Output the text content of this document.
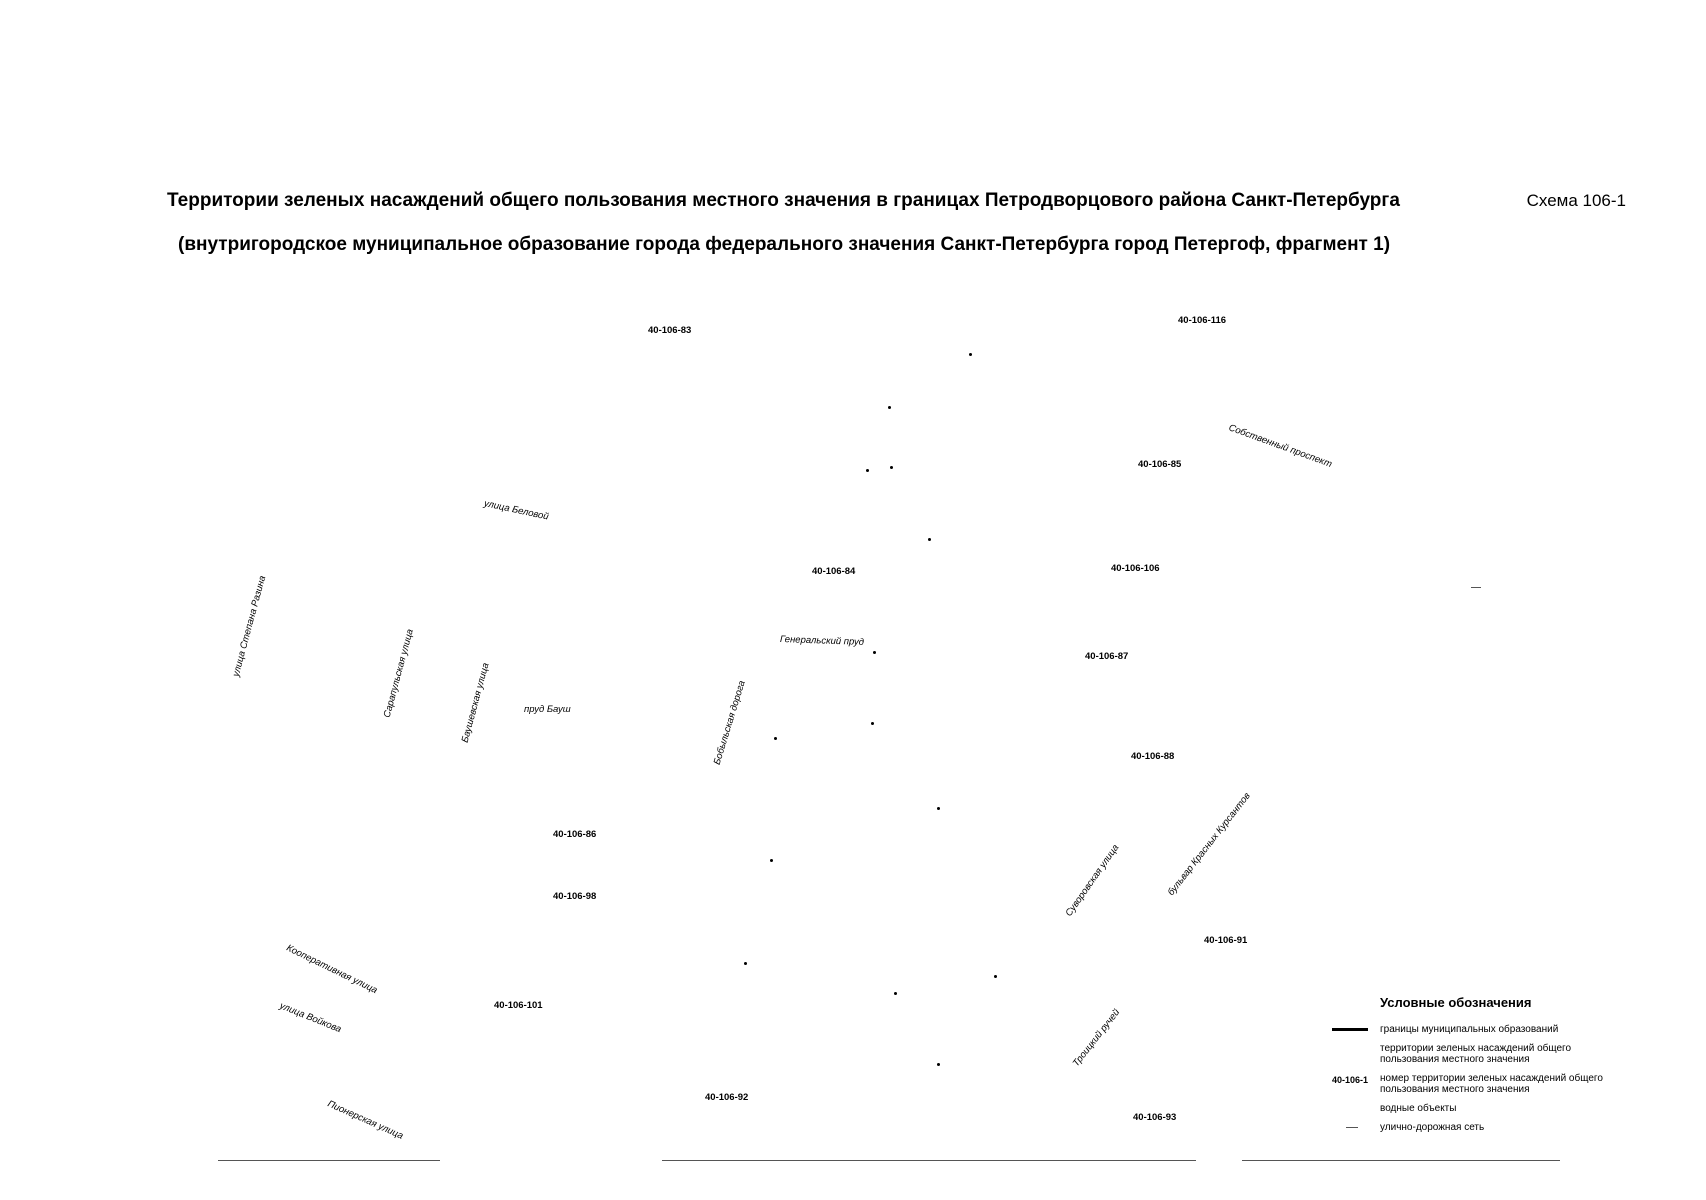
Территории зеленых насаждений общего пользования местного значения в границах Петродворцового района Санкт-Петербурга	Схема 106-1
(внутригородское муниципальное образование города федерального значения Санкт-Петербурга город Петергоф, фрагмент 1)
40-106-83
40-106-116
40-106-85
40-106-84	40-106-106
40-106-87
40-106-88
40-106-86
40-106-98
40-106-91
40-106-101
40-106-92
40-106-93
Собственный проспект
улица Беловой
улица Степана Разина	Сарапульская улица	Баушевская улица	пруд Бауш	Бобыльская дорога
Генеральский пруд
Суворовская улица	бульвар Красных Курсантов
Кооперативная улица
улица Войкова
Пионерская улица
Троицкий ручей
Условные обозначения
границы муниципальных образований
территории зеленых насаждений общего пользования местного значения
40-106-1 номер территории зеленых насаждений общего пользования местного значения
водные объекты
улично-дорожная сеть
